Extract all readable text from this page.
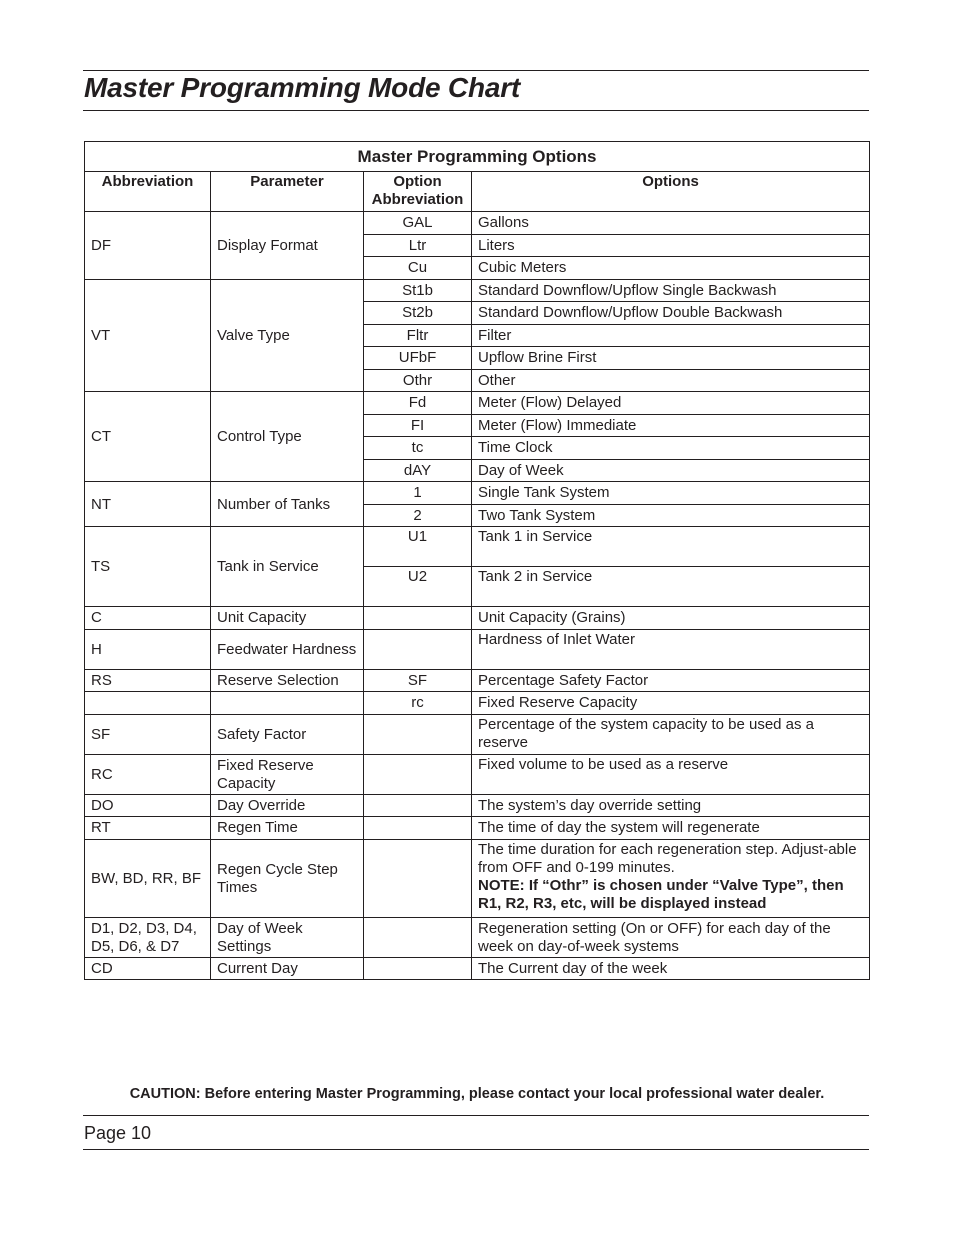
Master Programming Mode Chart
Master Programming Options			
Abbreviation	Parameter	Option Abbreviation	Options
DF	Display Format	GAL	Gallons
		Ltr	Liters
		Cu	Cubic Meters
VT	Valve Type	St1b	Standard Downflow/Upflow Single Backwash
		St2b	Standard Downflow/Upflow Double Backwash
		Fltr	Filter
		UFbF	Upflow Brine First
		Othr	Other
CT	Control Type	Fd	Meter (Flow) Delayed
		FI	Meter (Flow) Immediate
		tc	Time Clock
		dAY	Day of Week
NT	Number of Tanks	1	Single Tank System
		2	Two Tank System
TS	Tank in Service	U1	Tank 1 in Service
		U2	Tank 2 in Service
C	Unit Capacity		Unit Capacity (Grains)
H	Feedwater Hardness		Hardness of Inlet Water
RS	Reserve Selection	SF	Percentage Safety Factor
		rc	Fixed Reserve Capacity
SF	Safety Factor		Percentage of the system capacity to be used as a reserve
RC	Fixed Reserve Capacity		Fixed volume to be used as a reserve
DO	Day Override		The system’s day override setting
RT	Regen Time		The time of day the system will regenerate
BW, BD, RR, BF	Regen Cycle Step Times		The time duration for each regeneration step. Adjust-able from OFF and 0-199 minutes.
NOTE: If “Othr” is chosen under “Valve Type”, then R1, R2, R3, etc, will be displayed instead
D1, D2, D3, D4, D5, D6, & D7	Day of Week Settings		Regeneration setting (On or OFF) for each day of the week on day-of-week systems
CD	Current Day		The Current day of the week
CAUTION: Before entering Master Programming, please contact your local professional water dealer.
Page 10
